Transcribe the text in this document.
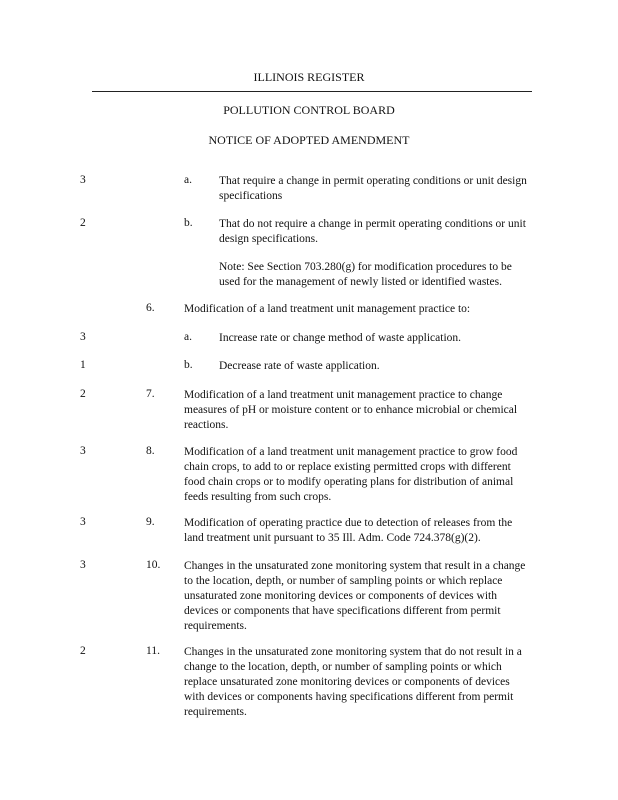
ILLINOIS REGISTER
POLLUTION CONTROL BOARD
NOTICE OF ADOPTED AMENDMENT
3	a. That require a change in permit operating conditions or unit design specifications
2	b. That do not require a change in permit operating conditions or unit design specifications.
Note: See Section 703.280(g) for modification procedures to be used for the management of newly listed or identified wastes.
6.	Modification of a land treatment unit management practice to:
3	a. Increase rate or change method of waste application.
1	b. Decrease rate of waste application.
2	7.	Modification of a land treatment unit management practice to change measures of pH or moisture content or to enhance microbial or chemical reactions.
3	8.	Modification of a land treatment unit management practice to grow food chain crops, to add to or replace existing permitted crops with different food chain crops or to modify operating plans for distribution of animal feeds resulting from such crops.
3	9.	Modification of operating practice due to detection of releases from the land treatment unit pursuant to 35 Ill. Adm. Code 724.378(g)(2).
3	10. Changes in the unsaturated zone monitoring system that result in a change to the location, depth, or number of sampling points or which replace unsaturated zone monitoring devices or components of devices with devices or components that have specifications different from permit requirements.
2	11. Changes in the unsaturated zone monitoring system that do not result in a change to the location, depth, or number of sampling points or which replace unsaturated zone monitoring devices or components of devices with devices or components having specifications different from permit requirements.
